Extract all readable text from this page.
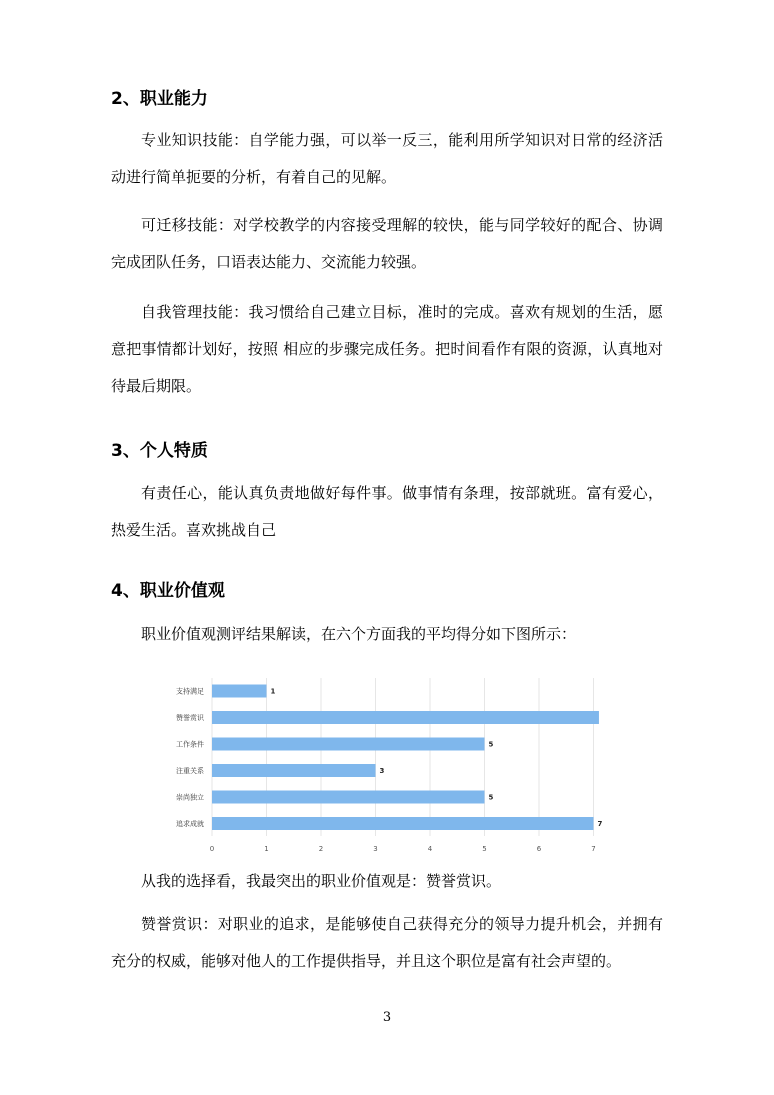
2、职业能力

专业知识技能：自学能力强，可以举一反三，能利用所学知识对日常的经济活动进行简单扼要的分析，有着自己的见解。

可迁移技能：对学校教学的内容接受理解的较快，能与同学较好的配合、协调完成团队任务，口语表达能力、交流能力较强。

自我管理技能：我习惯给自己建立目标，准时的完成。喜欢有规划的生活，愿意把事情都计划好，按照 相应的步骤完成任务。把时间看作有限的资源，认真地对待最后期限。

3、个人特质

有责任心，能认真负责地做好每件事。做事情有条理，按部就班。富有爱心，热爱生活。喜欢挑战自己

4、职业价值观

职业价值观测评结果解读，在六个方面我的平均得分如下图所示：

0	1	2	3	4	5	6	7
支持满足	1
赞誉赏识
工作条件	5
注重关系	3
崇尚独立	5
追求成就	7

从我的选择看，我最突出的职业价值观是：赞誉赏识。

赞誉赏识：对职业的追求，是能够使自己获得充分的领导力提升机会，并拥有充分的权威，能够对他人的工作提供指导，并且这个职位是富有社会声望的。

3
